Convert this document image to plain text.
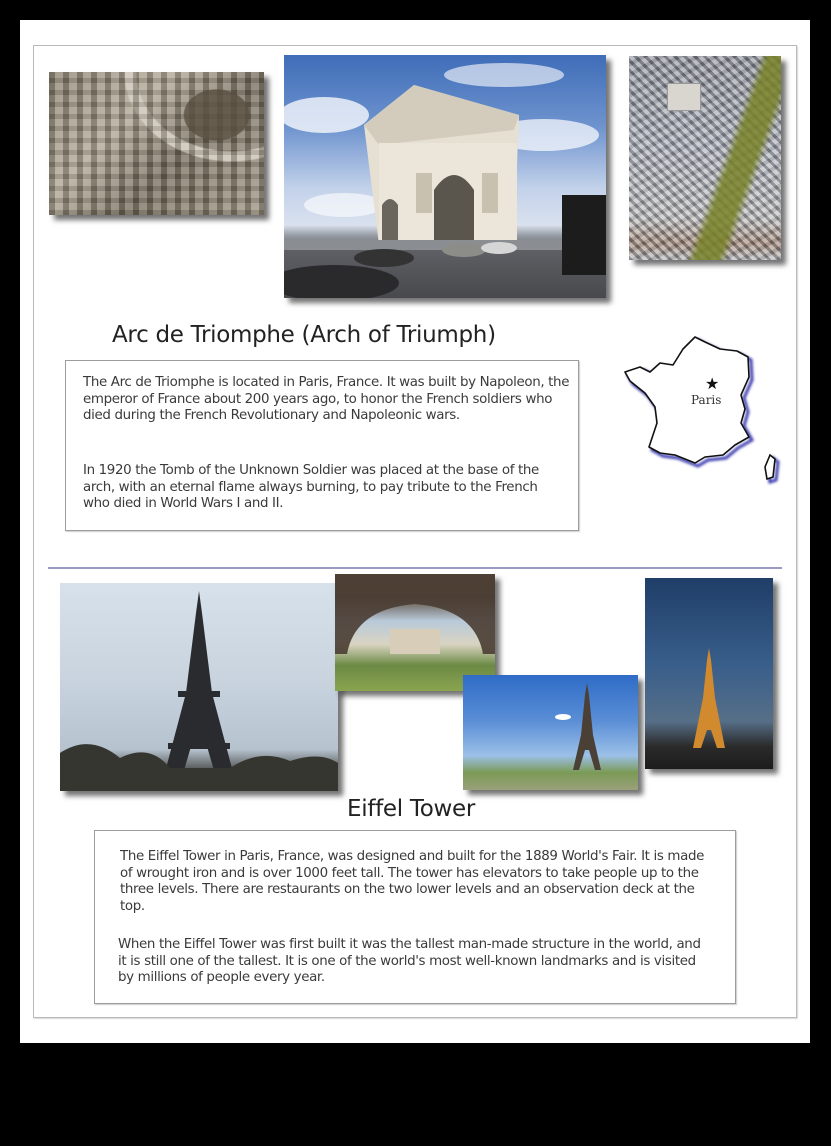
Arc de Triomphe (Arch of Triumph)

The Arc de Triomphe is located in Paris, France. It was built by Napoleon, the emperor of France about 200 years ago, to honor the French soldiers who died during the French Revolutionary and Napoleonic wars.

In 1920 the Tomb of the Unknown Soldier was placed at the base of the arch, with an eternal flame always burning, to pay tribute to the French who died in World Wars I and II.

★
Paris
Eiffel Tower

The Eiffel Tower in Paris, France, was designed and built for the 1889 World's Fair. It is made of wrought iron and is over 1000 feet tall. The tower has elevators to take people up to the three levels. There are restaurants on the two lower levels and an observation deck at the top.

When the Eiffel Tower was first built it was the tallest man-made structure in the world, and it is still one of the tallest. It is one of the world's most well-known landmarks and is visited by millions of people every year.
